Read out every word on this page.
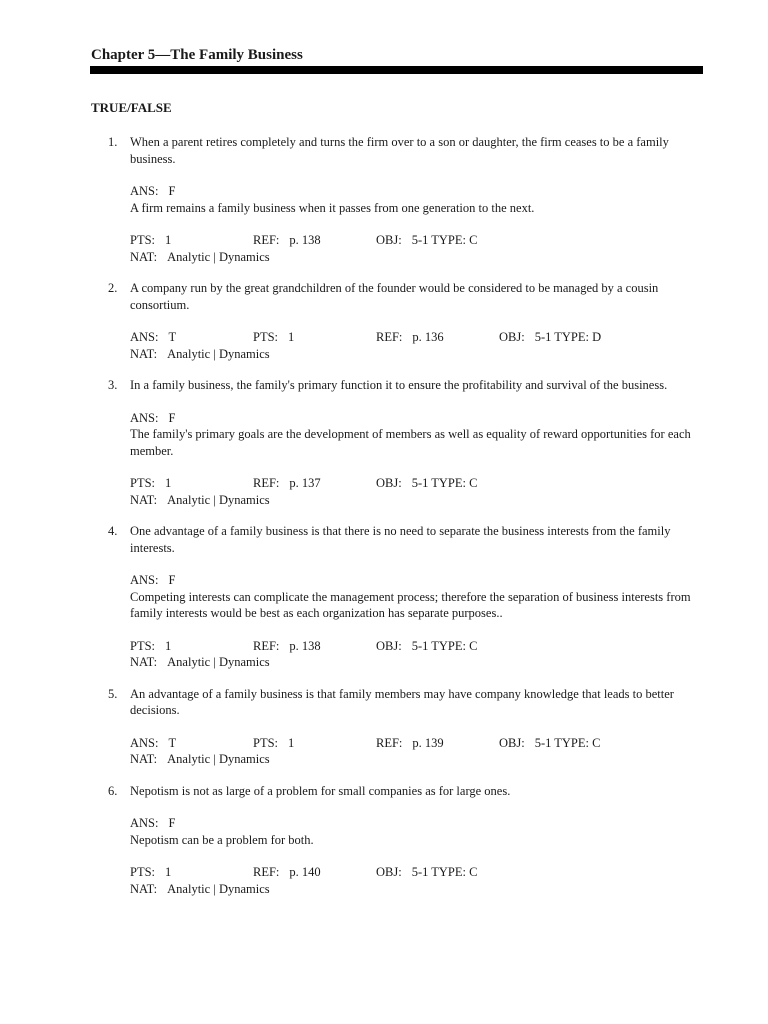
Chapter 5—The Family Business
TRUE/FALSE
1. When a parent retires completely and turns the firm over to a son or daughter, the firm ceases to be a family business.

ANS: F
A firm remains a family business when it passes from one generation to the next.
PTS: 1	REF: p. 138	OBJ: 5-1 TYPE: C
NAT: Analytic | Dynamics
2. A company run by the great grandchildren of the founder would be considered to be managed by a cousin consortium.

ANS: T	PTS: 1	REF: p. 136	OBJ: 5-1 TYPE: D
NAT: Analytic | Dynamics
3. In a family business, the family's primary function it to ensure the profitability and survival of the business.

ANS: F
The family's primary goals are the development of members as well as equality of reward opportunities for each member.
PTS: 1	REF: p. 137	OBJ: 5-1 TYPE: C
NAT: Analytic | Dynamics
4. One advantage of a family business is that there is no need to separate the business interests from the family interests.

ANS: F
Competing interests can complicate the management process; therefore the separation of business interests from family interests would be best as each organization has separate purposes..
PTS: 1	REF: p. 138	OBJ: 5-1 TYPE: C
NAT: Analytic | Dynamics
5. An advantage of a family business is that family members may have company knowledge that leads to better decisions.

ANS: T	PTS: 1	REF: p. 139	OBJ: 5-1 TYPE: C
NAT: Analytic | Dynamics
6. Nepotism is not as large of a problem for small companies as for large ones.

ANS: F
Nepotism can be a problem for both.
PTS: 1	REF: p. 140	OBJ: 5-1 TYPE: C
NAT: Analytic | Dynamics
